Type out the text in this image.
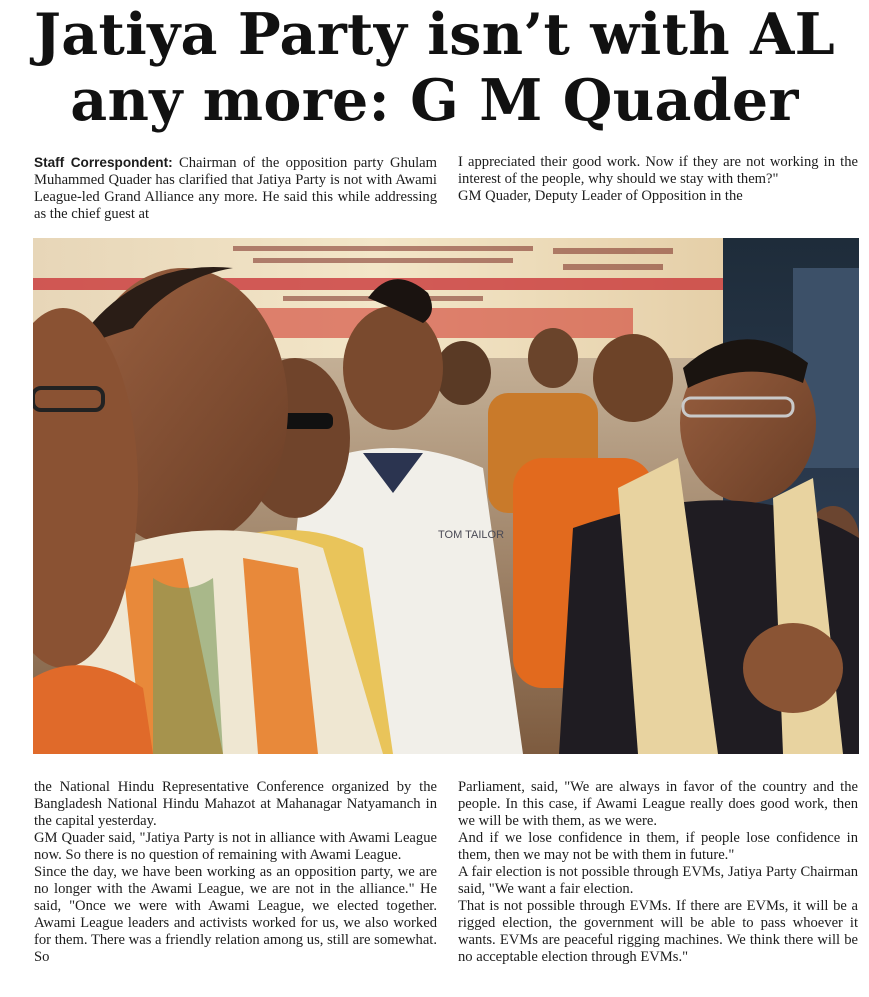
Jatiya Party isn’t with AL
any more: G M Quader

Staff Correspondent: Chairman of the opposition party Ghulam Muhammed Quader has clarified that Jatiya Party is not with Awami League-led Grand Alliance any more. He said this while addressing as the chief guest at

I appreciated their good work. Now if they are not working in the interest of the people, why should we stay with them?"

GM Quader, Deputy Leader of Opposition in the

TOM TAILOR

the National Hindu Representative Conference organized by the Bangladesh National Hindu Mahazot at Mahanagar Natyamanch in the capital yesterday.

GM Quader said, "Jatiya Party is not in alliance with Awami League now. So there is no question of remaining with Awami League.

Since the day, we have been working as an opposition party, we are no longer with the Awami League, we are not in the alliance." He said, "Once we were with Awami League, we elected together. Awami League leaders and activists worked for us, we also worked for them. There was a friendly relation among us, still are somewhat. So

Parliament, said, "We are always in favor of the country and the people. In this case, if Awami League really does good work, then we will be with them, as we were.

And if we lose confidence in them, if people lose confidence in them, then we may not be with them in future."

A fair election is not possible through EVMs, Jatiya Party Chairman said, "We want a fair election.

That is not possible through EVMs. If there are EVMs, it will be a rigged election, the government will be able to pass whoever it wants. EVMs are peaceful rigging machines. We think there will be no acceptable election through EVMs."
